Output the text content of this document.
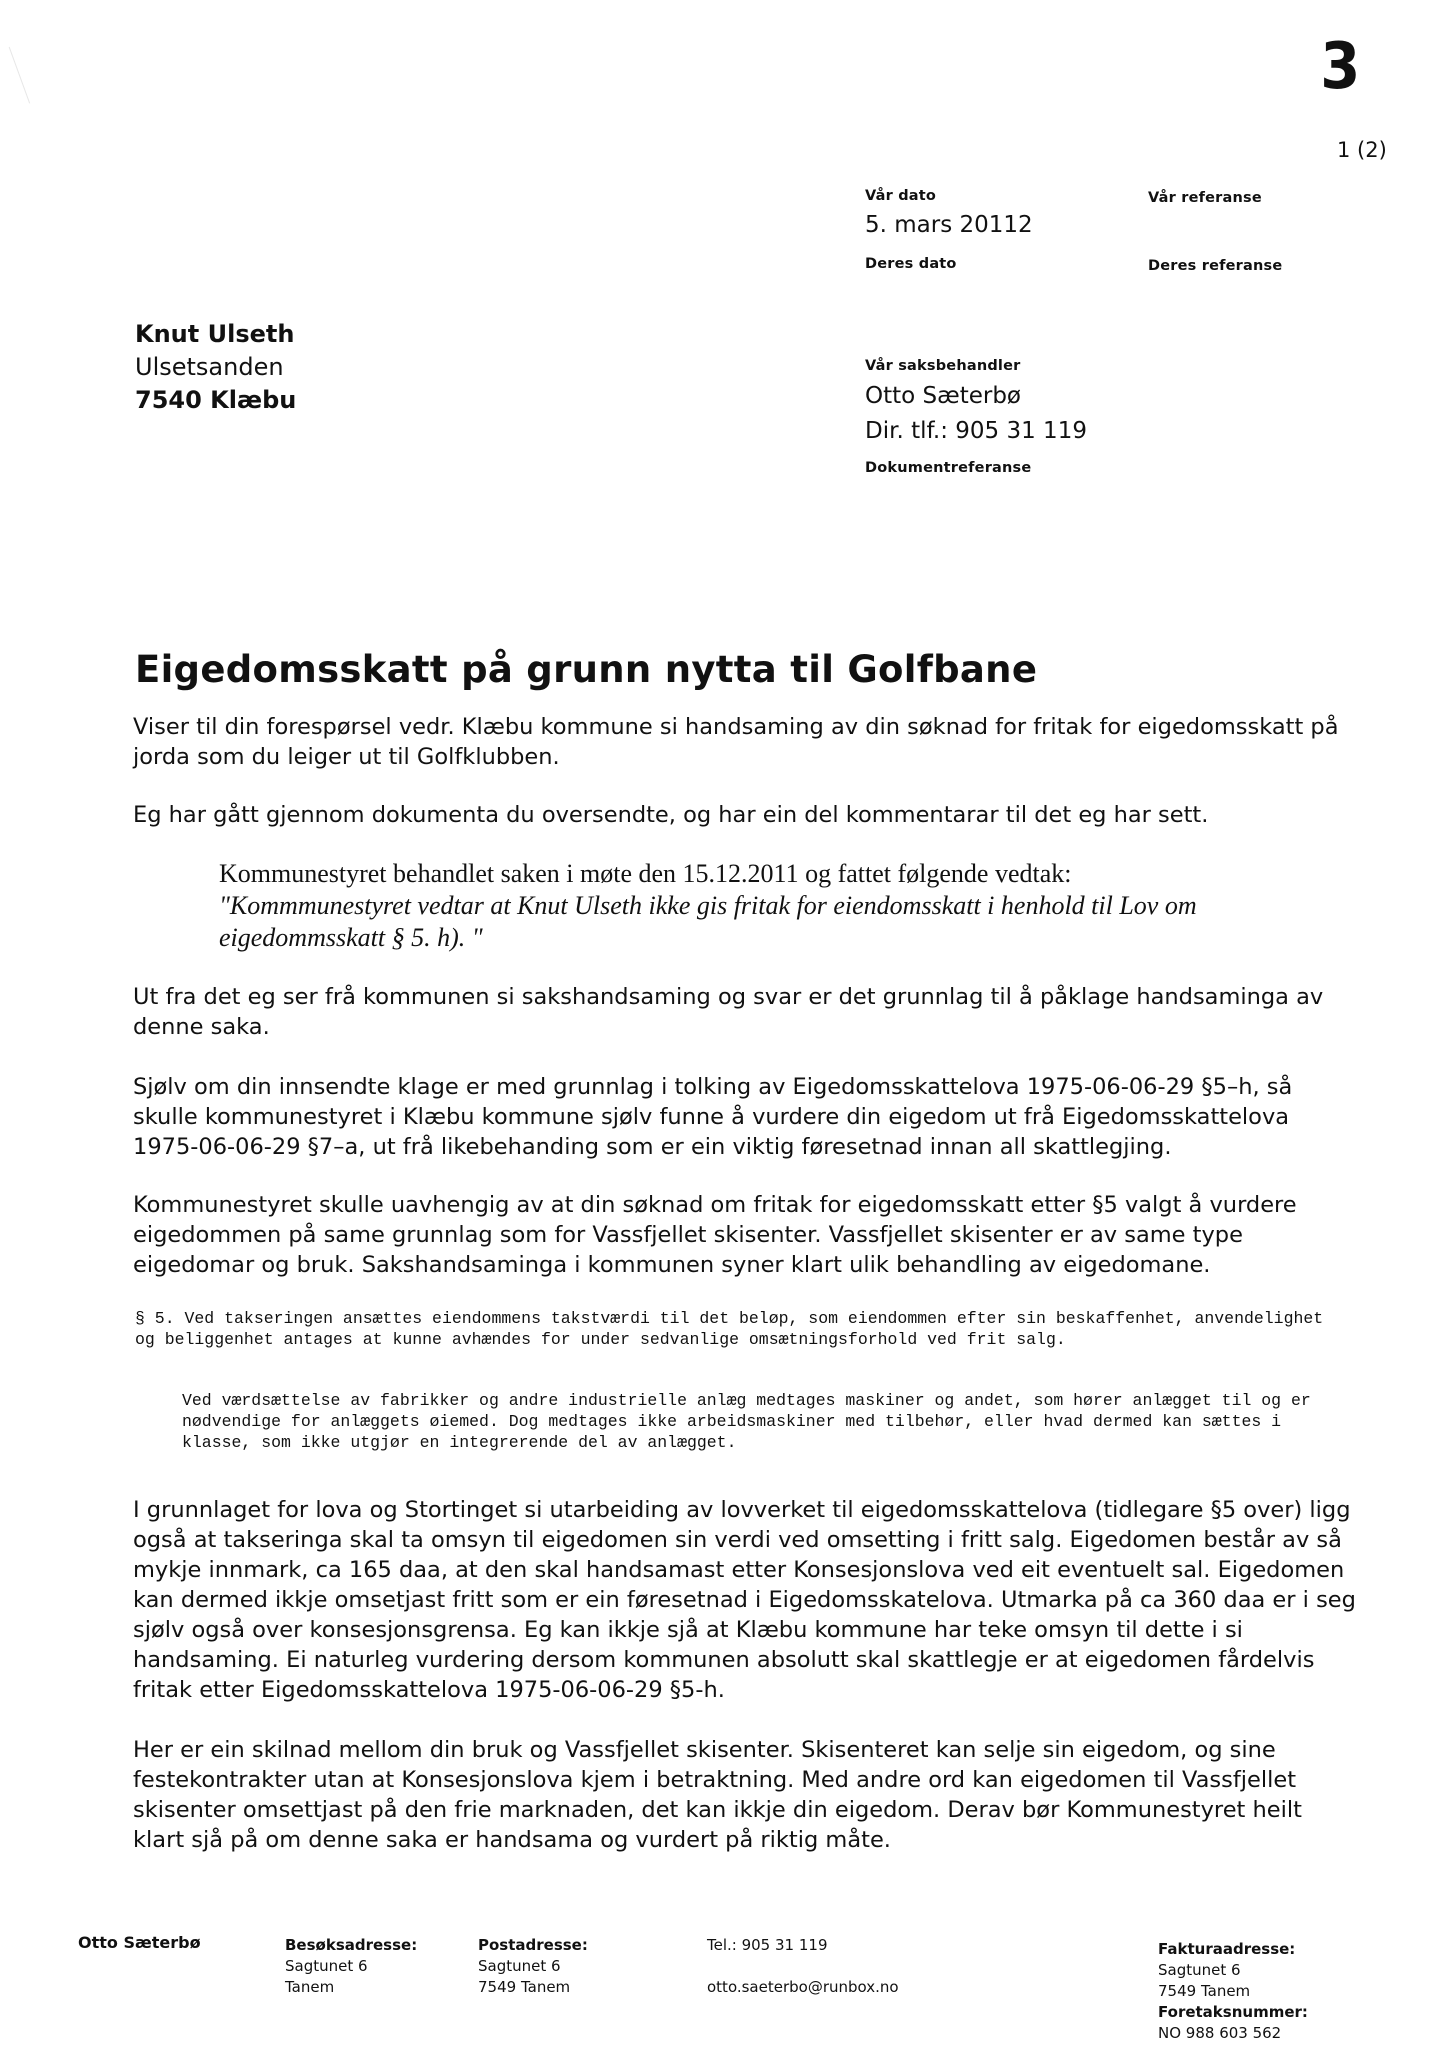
3
1 (2)
Vår dato
5. mars 20112
Vår referanse
Deres dato	Deres referanse
Vår saksbehandler
Otto Sæterbø
Dir. tlf.: 905 31 119
Dokumentreferanse
Knut Ulseth
Ulsetsanden
7540 Klæbu
Eigedomsskatt på grunn nytta til Golfbane
Viser til din forespørsel vedr. Klæbu kommune si handsaming av din søknad for fritak for eigedomsskatt på jorda som du leiger ut til Golfklubben.
Eg har gått gjennom dokumenta du oversendte, og har ein del kommentarar til det eg har sett.
Kommunestyret behandlet saken i møte den 15.12.2011 og fattet følgende vedtak:
"Kommmunestyret vedtar at Knut Ulseth ikke gis fritak for eiendomsskatt i henhold til Lov om eigedommsskatt § 5. h). "
Ut fra det eg ser frå kommunen si sakshandsaming og svar er det grunnlag til å påklage handsaminga av denne saka.
Sjølv om din innsendte klage er med grunnlag i tolking av Eigedomsskattelova 1975-06-06-29 §5–h, så skulle kommunestyret i Klæbu kommune sjølv funne å vurdere din eigedom ut frå Eigedomsskattelova 1975-06-06-29 §7–a, ut frå likebehanding som er ein viktig føresetnad innan all skattlegjing.
Kommunestyret skulle uavhengig av at din søknad om fritak for eigedomsskatt etter §5 valgt å vurdere eigedommen på same grunnlag som for Vassfjellet skisenter. Vassfjellet skisenter er av same type eigedomar og bruk. Sakshandsaminga i kommunen syner klart ulik behandling av eigedomane.
§ 5. Ved takseringen ansættes eiendommens takstværdi til det beløp, som eiendommen efter sin beskaffenhet, anvendelighet og beliggenhet antages at kunne avhændes for under sedvanlige omsætningsforhold ved frit salg.
Ved værdsættelse av fabrikker og andre industrielle anlæg medtages maskiner og andet, som hører anlægget til og er nødvendige for anlæggets øiemed. Dog medtages ikke arbeidsmaskiner med tilbehør, eller hvad dermed kan sættes i klasse, som ikke utgjør en integrerende del av anlægget.
I grunnlaget for lova og Stortinget si utarbeiding av lovverket til eigedomsskattelova (tidlegare §5 over) ligg også at takseringa skal ta omsyn til eigedomen sin verdi ved omsetting i fritt salg. Eigedomen består av så mykje innmark, ca 165 daa, at den skal handsamast etter Konsesjonslova ved eit eventuelt sal. Eigedomen kan dermed ikkje omsetjast fritt som er ein føresetnad i Eigedomsskatelova. Utmarka på ca 360 daa er i seg sjølv også over konsesjonsgrensa. Eg kan ikkje sjå at Klæbu kommune har teke omsyn til dette i si handsaming. Ei naturleg vurdering dersom kommunen absolutt skal skattlegje er at eigedomen fårdelvis fritak etter Eigedomsskattelova 1975-06-06-29 §5-h.
Her er ein skilnad mellom din bruk og Vassfjellet skisenter. Skisenteret kan selje sin eigedom, og sine festekontrakter utan at Konsesjonslova kjem i betraktning. Med andre ord kan eigedomen til Vassfjellet skisenter omsettjast på den frie marknaden, det kan ikkje din eigedom. Derav bør Kommunestyret heilt klart sjå på om denne saka er handsama og vurdert på riktig måte.
Otto Sæterbø	Besøksadresse:
Sagtunet 6
Tanem
Postadresse:
Sagtunet 6
7549 Tanem
Tel.: 905 31 119
otto.saeterbo@runbox.no
Fakturaadresse:
Sagtunet 6
7549 Tanem
Foretaksnummer:
NO 988 603 562
